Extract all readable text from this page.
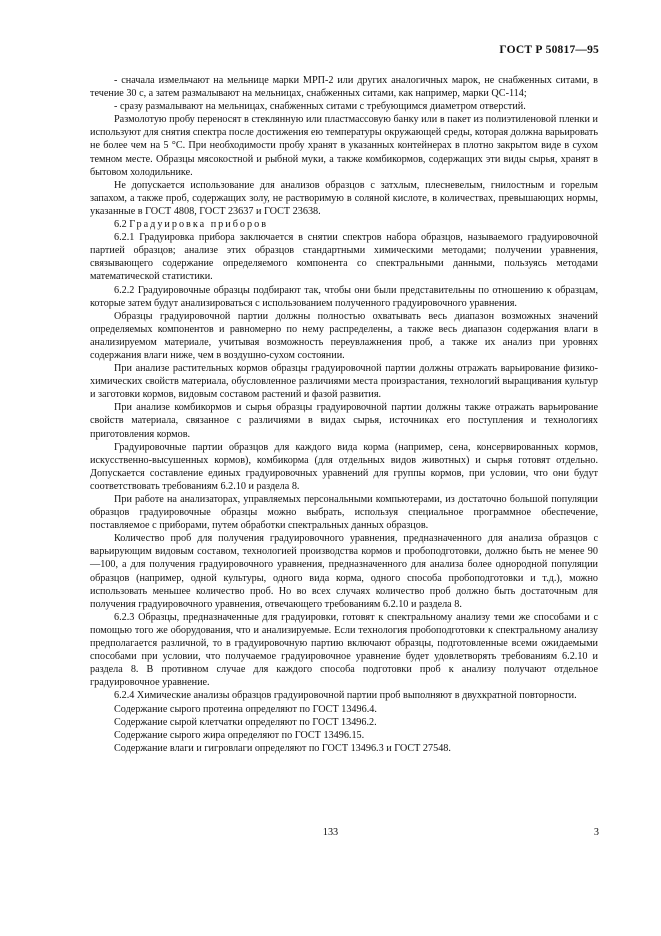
ГОСТ Р 50817—95

- сначала измельчают на мельнице марки МРП-2 или других аналогичных марок, не снабженных ситами, в течение 30 с, а затем размалывают на мельницах, снабженных ситами, как например, марки QC-114;

- сразу размалывают на мельницах, снабженных ситами с требующимся диаметром отверстий.

Размолотую пробу переносят в стеклянную или пластмассовую банку или в пакет из полиэтиленовой пленки и используют для снятия спектра после достижения ею температуры окружающей среды, которая должна варьировать не более чем на 5 °С. При необходимости пробу хранят в указанных контейнерах в плотно закрытом виде в сухом темном месте. Образцы мясокостной и рыбной муки, а также комбикормов, содержащих эти виды сырья, хранят в бытовом холодильнике.

Не допускается использование для анализов образцов с затхлым, плесневелым, гнилостным и горелым запахом, а также проб, содержащих золу, не растворимую в соляной кислоте, в количествах, превышающих нормы, указанные в ГОСТ 4808, ГОСТ 23637 и ГОСТ 23638.

6.2 Градуировка приборов

6.2.1 Градуировка прибора заключается в снятии спектров набора образцов, называемого градуировочной партией образцов; анализе этих образцов стандартными химическими методами; получении уравнения, связывающего содержание определяемого компонента со спектральными данными, пользуясь методами математической статистики.

6.2.2 Градуировочные образцы подбирают так, чтобы они были представительны по отношению к образцам, которые затем будут анализироваться с использованием полученного градуировочного уравнения.

Образцы градуировочной партии должны полностью охватывать весь диапазон возможных значений определяемых компонентов и равномерно по нему распределены, а также весь диапазон содержания влаги в анализируемом материале, учитывая возможность переувлажнения проб, а также их анализ при уровнях содержания влаги ниже, чем в воздушно-сухом состоянии.

При анализе растительных кормов образцы градуировочной партии должны отражать варьирование физико-химических свойств материала, обусловленное различиями места произрастания, технологий выращивания культур и заготовки кормов, видовым составом растений и фазой развития.

При анализе комбикормов и сырья образцы градуировочной партии должны также отражать варьирование свойств материала, связанное с различиями в видах сырья, источниках его поступления и технологиях приготовления кормов.

Градуировочные партии образцов для каждого вида корма (например, сена, консервированных кормов, искусственно-высушенных кормов), комбикорма (для отдельных видов животных) и сырья готовят отдельно. Допускается составление единых градуировочных уравнений для группы кормов, при условии, что они будут соответствовать требованиям 6.2.10 и раздела 8.

При работе на анализаторах, управляемых персональными компьютерами, из достаточно большой популяции образцов градуировочные образцы можно выбрать, используя специальное программное обеспечение, поставляемое с приборами, путем обработки спектральных данных образцов.

Количество проб для получения градуировочного уравнения, предназначенного для анализа образцов с варьирующим видовым составом, технологией производства кормов и пробоподготовки, должно быть не менее 90—100, а для получения градуировочного уравнения, предназначенного для анализа более однородной популяции образцов (например, одной культуры, одного вида корма, одного способа пробоподготовки и т.д.), можно использовать меньшее количество проб. Но во всех случаях количество проб должно быть достаточным для получения градуировочного уравнения, отвечающего требованиям 6.2.10 и раздела 8.

6.2.3 Образцы, предназначенные для градуировки, готовят к спектральному анализу теми же способами и с помощью того же оборудования, что и анализируемые. Если технология пробоподготовки к спектральному анализу предполагается различной, то в градуировочную партию включают образцы, подготовленные всеми ожидаемыми способами при условии, что получаемое градуировочное уравнение будет удовлетворять требованиям 6.2.10 и раздела 8. В противном случае для каждого способа подготовки проб к анализу получают отдельное градуировочное уравнение.

6.2.4 Химические анализы образцов градуировочной партии проб выполняют в двухкратной повторности.

Содержание сырого протеина определяют по ГОСТ 13496.4.

Содержание сырой клетчатки определяют по ГОСТ 13496.2.

Содержание сырого жира определяют по ГОСТ 13496.15.

Содержание влаги и гигровлаги определяют по ГОСТ 13496.3 и ГОСТ 27548.

133	3
